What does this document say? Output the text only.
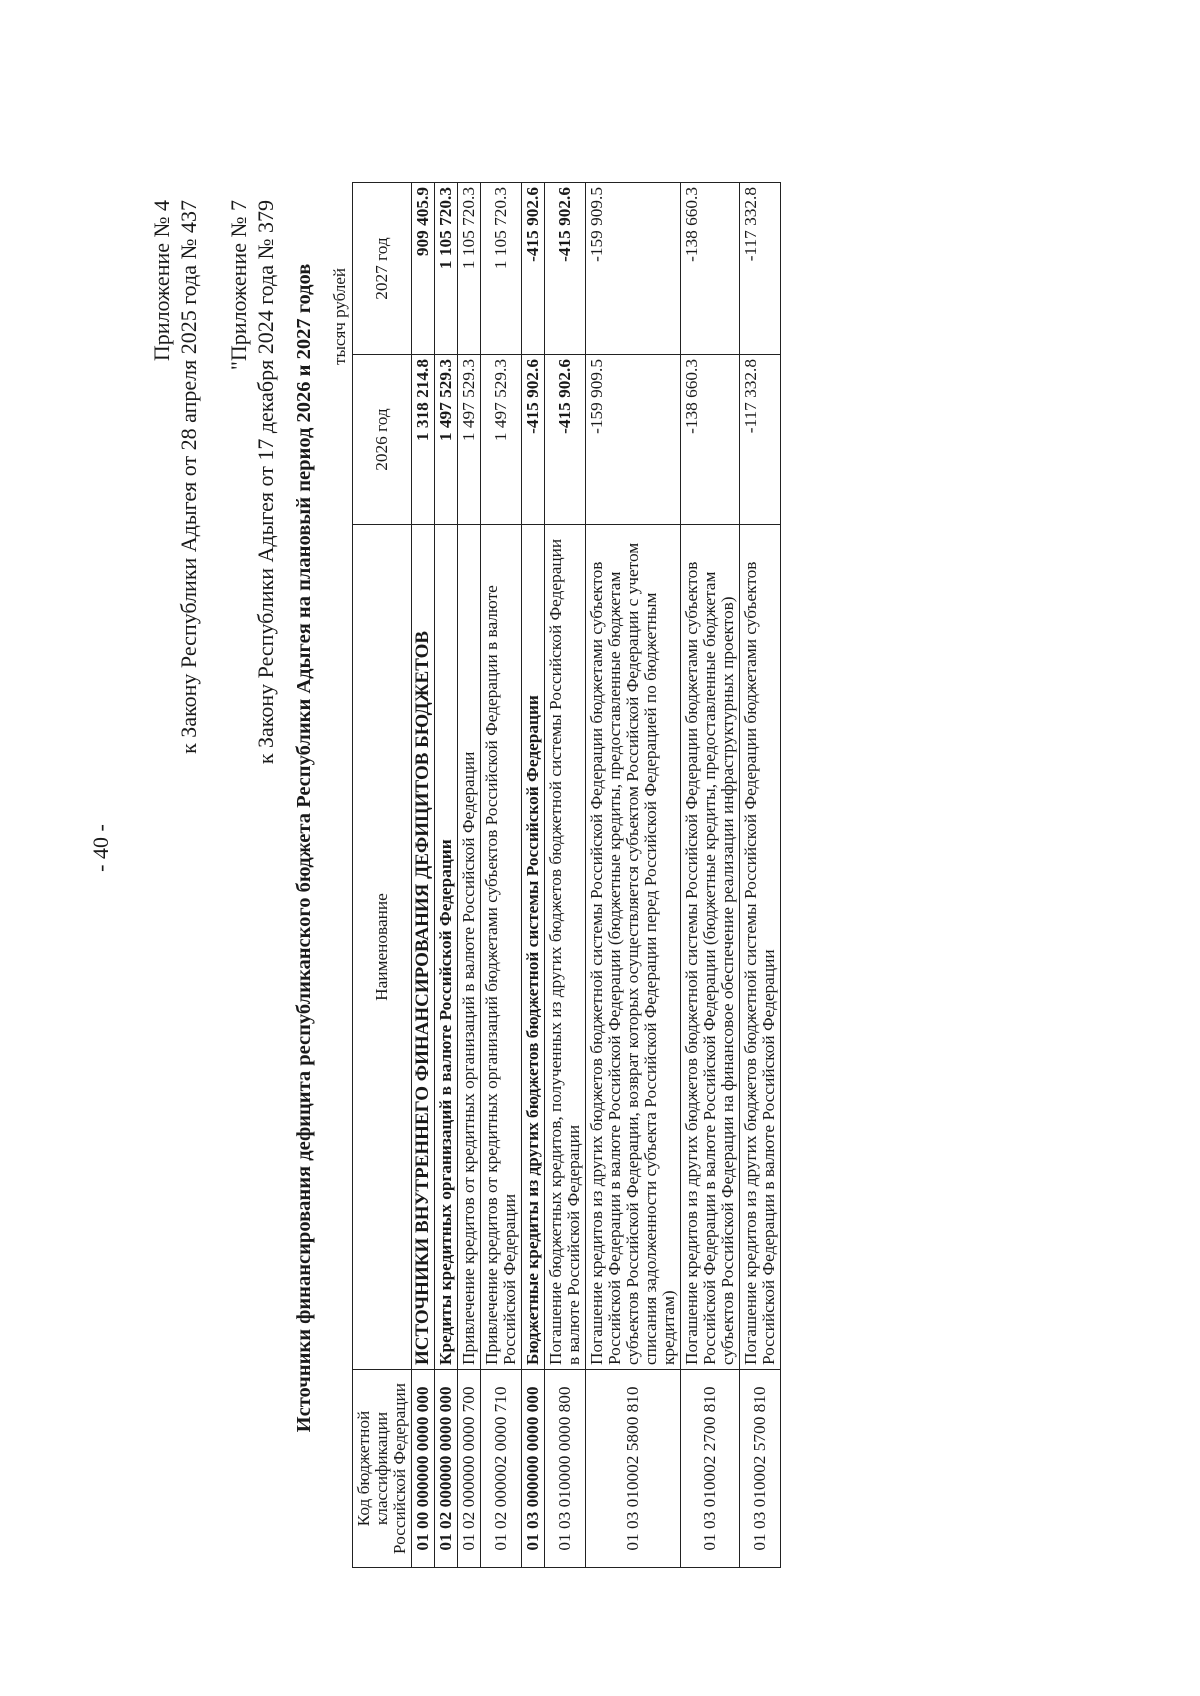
- 40 -
Приложение № 4 к Закону Республики Адыгея от 28 апреля 2025 года № 437 "Приложение № 7 к Закону Республики Адыгея от 17 декабря 2024 года № 379 Источники финансирования дефицита республиканского бюджета Республики Адыгея на плановый период 2026 и 2027 годов тысяч рублей
Код бюджетной классификации Российской Федерации	Наименование	2026 год	2027 год
01 00 000000 0000 000	ИСТОЧНИКИ ВНУТРЕННЕГО ФИНАНСИРОВАНИЯ ДЕФИЦИТОВ БЮДЖЕТОВ	1 318 214.8	909 405.9
01 02 000000 0000 000	Кредиты кредитных организаций в валюте Российской Федерации	1 497 529.3	1 105 720.3
01 02 000000 0000 700	Привлечение кредитов от кредитных организаций в валюте Российской Федерации	1 497 529.3	1 105 720.3
01 02 000002 0000 710	Привлечение кредитов от кредитных организаций бюджетами субъектов Российской Федерации в валюте Российской Федерации	1 497 529.3	1 105 720.3
01 03 000000 0000 000	Бюджетные кредиты из других бюджетов бюджетной системы Российской Федерации	-415 902.6	-415 902.6
01 03 010000 0000 800	Погашение бюджетных кредитов, полученных из других бюджетов бюджетной системы Российской Федерации в валюте Российской Федерации	-415 902.6	-415 902.6
01 03 010002 5800 810	Погашение кредитов из других бюджетов бюджетной системы Российской Федерации бюджетами субъектов Российской Федерации в валюте Российской Федерации (бюджетные кредиты, предоставленные бюджетам субъектов Российской Федерации, возврат которых осуществляется субъектом Российской Федерации с учетом списания задолженности субъекта Российской Федерации перед Российской Федерацией по бюджетным кредитам)	-159 909.5	-159 909.5
01 03 010002 2700 810	Погашение кредитов из других бюджетов бюджетной системы Российской Федерации бюджетами субъектов Российской Федерации в валюте Российской Федерации (бюджетные кредиты, предоставленные бюджетам субъектов Российской Федерации на финансовое обеспечение реализации инфраструктурных проектов)	-138 660.3	-138 660.3
01 03 010002 5700 810	Погашение кредитов из других бюджетов бюджетной системы Российской Федерации бюджетами субъектов Российской Федерации в валюте Российской Федерации	-117 332.8	-117 332.8
